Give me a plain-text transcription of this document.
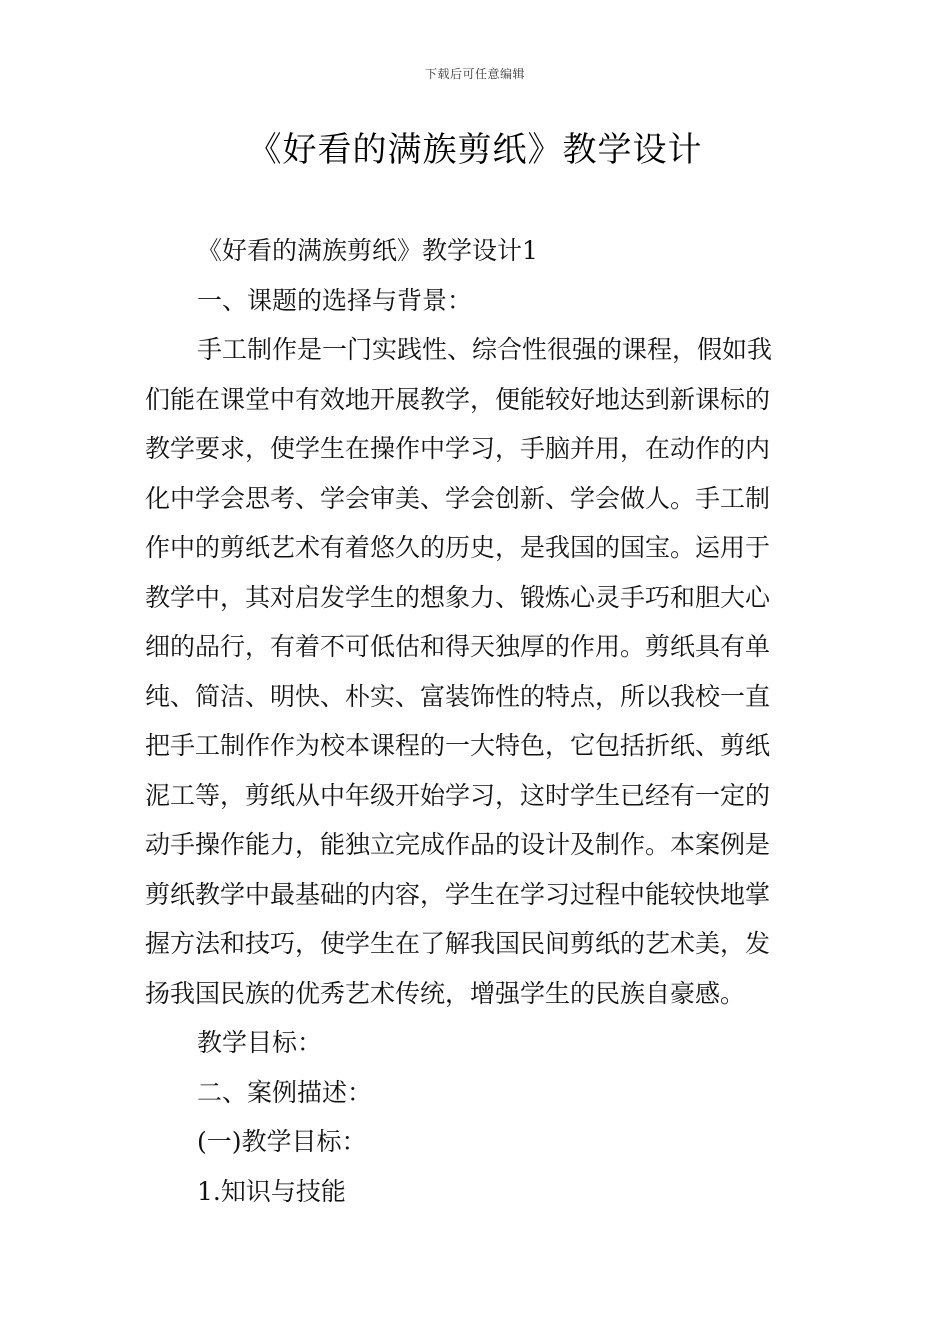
下载后可任意编辑
《好看的满族剪纸》教学设计

《好看的满族剪纸》教学设计1

一、课题的选择与背景：

手工制作是一门实践性、综合性很强的课程，假如我

们能在课堂中有效地开展教学，便能较好地达到新课标的

教学要求，使学生在操作中学习，手脑并用，在动作的内

化中学会思考、学会审美、学会创新、学会做人。手工制

作中的剪纸艺术有着悠久的历史，是我国的国宝。运用于

教学中，其对启发学生的想象力、锻炼心灵手巧和胆大心

细的品行，有着不可低估和得天独厚的作用。剪纸具有单

纯、简洁、明快、朴实、富装饰性的特点，所以我校一直

把手工制作作为校本课程的一大特色，它包括折纸、剪纸

泥工等，剪纸从中年级开始学习，这时学生已经有一定的

动手操作能力，能独立完成作品的设计及制作。本案例是

剪纸教学中最基础的内容，学生在学习过程中能较快地掌

握方法和技巧，使学生在了解我国民间剪纸的艺术美，发

扬我国民族的优秀艺术传统，增强学生的民族自豪感。

教学目标：

二、案例描述：

(一)教学目标：

1.知识与技能
